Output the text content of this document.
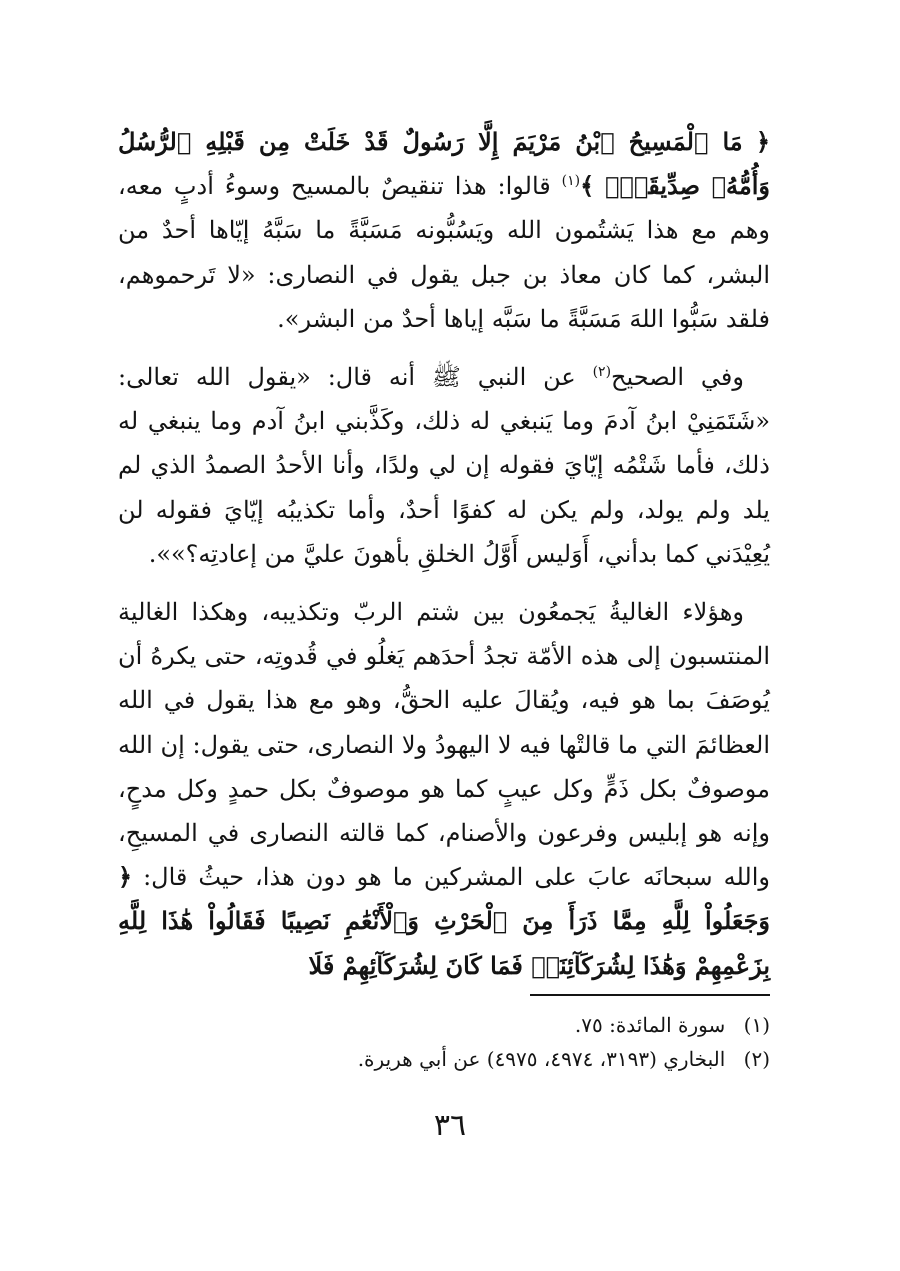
﴿ مَا ٱلْمَسِيحُ ٱبْنُ مَرْيَمَ إِلَّا رَسُولٌ قَدْ خَلَتْ مِن قَبْلِهِ ٱلرُّسُلُ وَأُمُّهُۥ صِدِّيقَةٌۖ ﴾$^{(١)}$ قالوا: هذا تنقيصٌ بالمسيح وسوءُ أدبٍ معه، وهم مع هذا يَشتُمون الله ويَسُبُّونه مَسَبَّةً ما سَبَّهُ إيّاها أحدٌ من البشر، كما كان معاذ بن جبل يقول في النصارى: «لا تَرحموهم، فلقد سَبُّوا اللهَ مَسَبَّةً ما سَبَّه إياها أحدٌ من البشر».

وفي الصحيح$^{(٢)}$ عن النبي ﷺ أنه قال: «يقول الله تعالى: «شَتَمَنِيْ ابنُ آدمَ وما يَنبغي له ذلك، وكَذَّبني ابنُ آدم وما ينبغي له ذلك، فأما شَتْمُه إيّايَ فقوله إن لي ولدًا، وأنا الأحدُ الصمدُ الذي لم يلد ولم يولد، ولم يكن له كفوًا أحدٌ، وأما تكذيبُه إيّايَ فقوله لن يُعِيْدَني كما بدأني، أَوَليس أَوَّلُ الخلقِ بأهونَ عليَّ من إعادتِه؟»».

وهؤلاء الغاليةُ يَجمعُون بين شتم الربّ وتكذيبه، وهكذا الغالية المنتسبون إلى هذه الأمّة تجدُ أحدَهم يَغلُو في قُدوتِه، حتى يكرهُ أن يُوصَفَ بما هو فيه، ويُقالَ عليه الحقُّ، وهو مع هذا يقول في الله العظائمَ التي ما قالتْها فيه لا اليهودُ ولا النصارى، حتى يقول: إن الله موصوفٌ بكل ذَمٍّ وكل عيبٍ كما هو موصوفٌ بكل حمدٍ وكل مدحٍ، وإنه هو إبليس وفرعون والأصنام، كما قالته النصارى في المسيحِ، والله سبحانَه عابَ على المشركين ما هو دون هذا، حيثُ قال: ﴿ وَجَعَلُواْ لِلَّهِ مِمَّا ذَرَأَ مِنَ ٱلْحَرْثِ وَٱلْأَنْعَٰمِ نَصِيبًا فَقَالُواْ هَٰذَا لِلَّهِ بِزَعْمِهِمْ وَهَٰذَا لِشُرَكَآئِنَاۖ فَمَا كَانَ لِشُرَكَآئِهِمْ فَلَا

(١) سورة المائدة: ٧٥.
(٢) البخاري (٣١٩٣، ٤٩٧٤، ٤٩٧٥) عن أبي هريرة.
٣٦
